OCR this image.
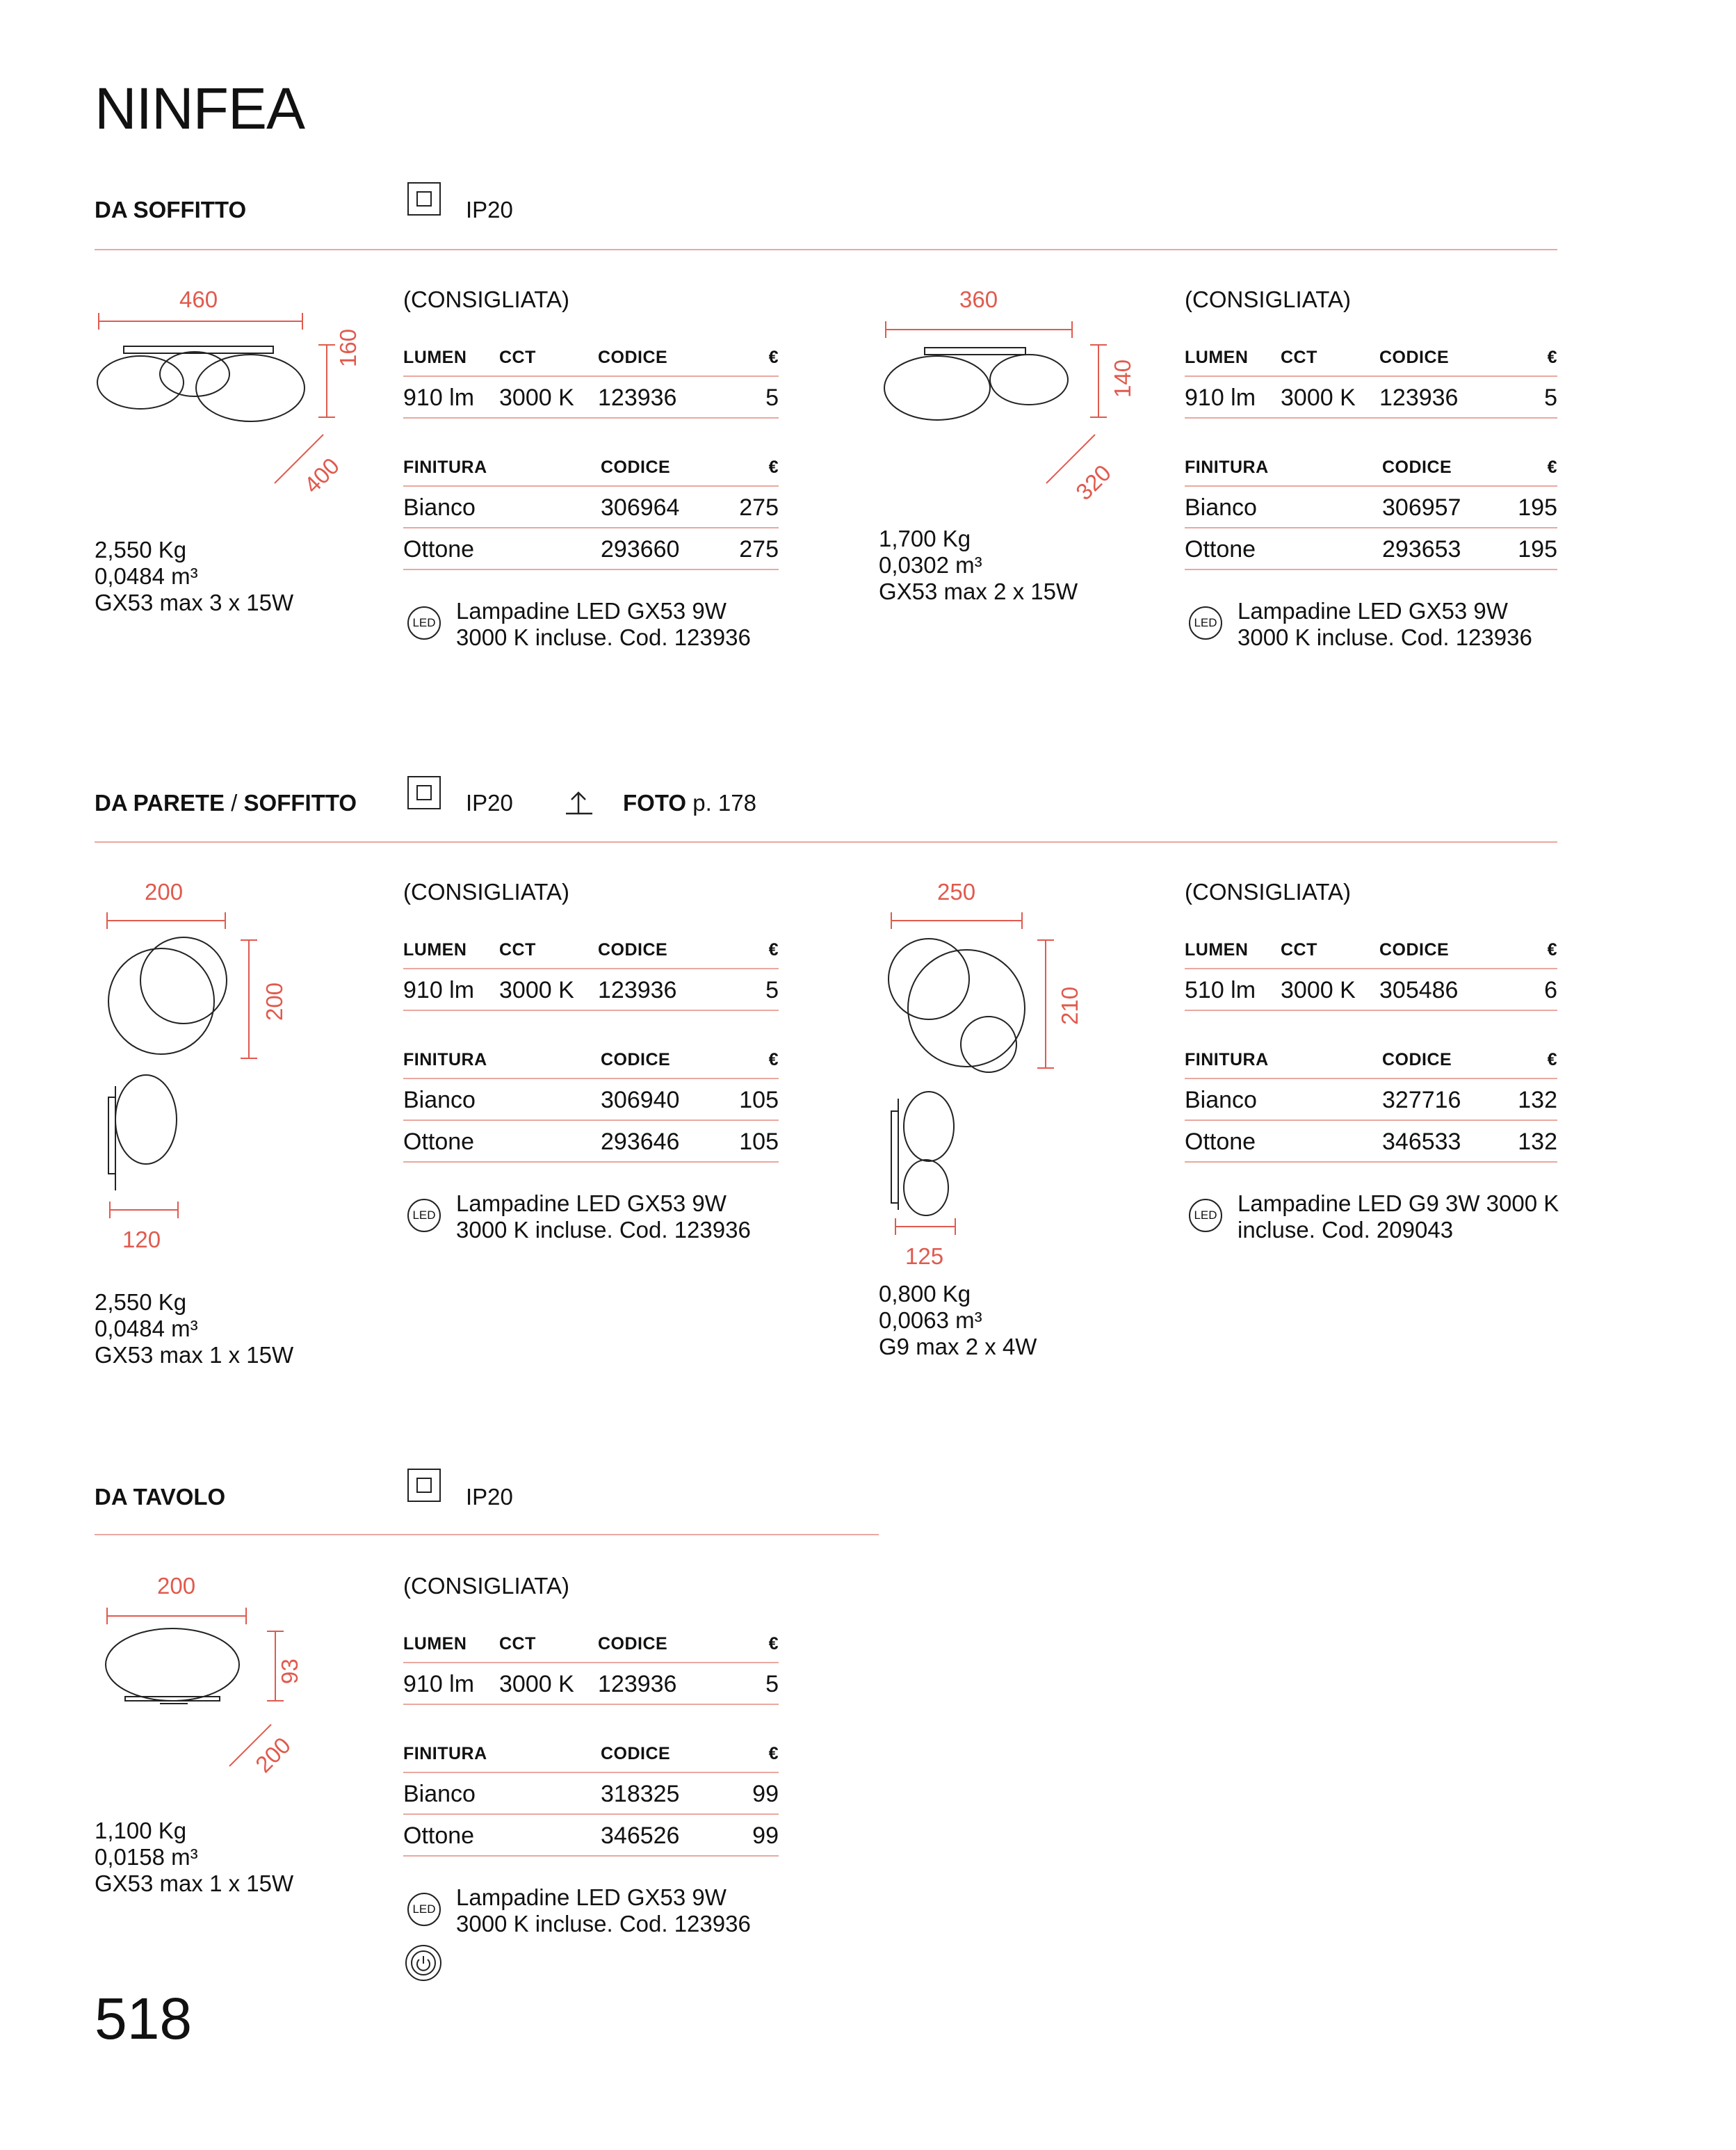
NINFEA
DA SOFFITTO	IP20
460
160
400
2,550 Kg
0,0484 m³
GX53 max 3 x 15W
(CONSIGLIATA)
LUMEN CCT	CODICE	€
910 lm 3000 K 123936	5
FINITURA	CODICE	€
Bianco	306964	275
Ottone	293660	275
LED Lampadine LED GX53 9W
3000 K incluse. Cod. 123936
360
140
320
1,700 Kg
0,0302 m³
GX53 max 2 x 15W
(CONSIGLIATA)
LUMEN CCT	CODICE	€
910 lm 3000 K 123936	5
FINITURA	CODICE	€
Bianco	306957	195
Ottone	293653	195
LED Lampadine LED GX53 9W
3000 K incluse. Cod. 123936
DA PARETE / SOFFITTO	IP20	FOTO p. 178
200
200
120
2,550 Kg
0,0484 m³
GX53 max 1 x 15W
(CONSIGLIATA)
LUMEN CCT	CODICE	€
910 lm 3000 K 123936	5
FINITURA	CODICE	€
Bianco	306940	105
Ottone	293646	105
LED Lampadine LED GX53 9W
3000 K incluse. Cod. 123936
250
210
125
0,800 Kg
0,0063 m³
G9 max 2 x 4W
(CONSIGLIATA)
LUMEN CCT	CODICE	€
510 lm 3000 K 305486	6
FINITURA	CODICE	€
Bianco	327716	132
Ottone	346533	132
LED Lampadine LED G9 3W 3000 K
incluse. Cod. 209043
DA TAVOLO	IP20
200
93
200
1,100 Kg
0,0158 m³
GX53 max 1 x 15W
(CONSIGLIATA)
LUMEN CCT	CODICE	€
910 lm 3000 K 123936	5
FINITURA	CODICE	€
Bianco	318325	99
Ottone	346526	99
LED Lampadine LED GX53 9W
3000 K incluse. Cod. 123936
518
